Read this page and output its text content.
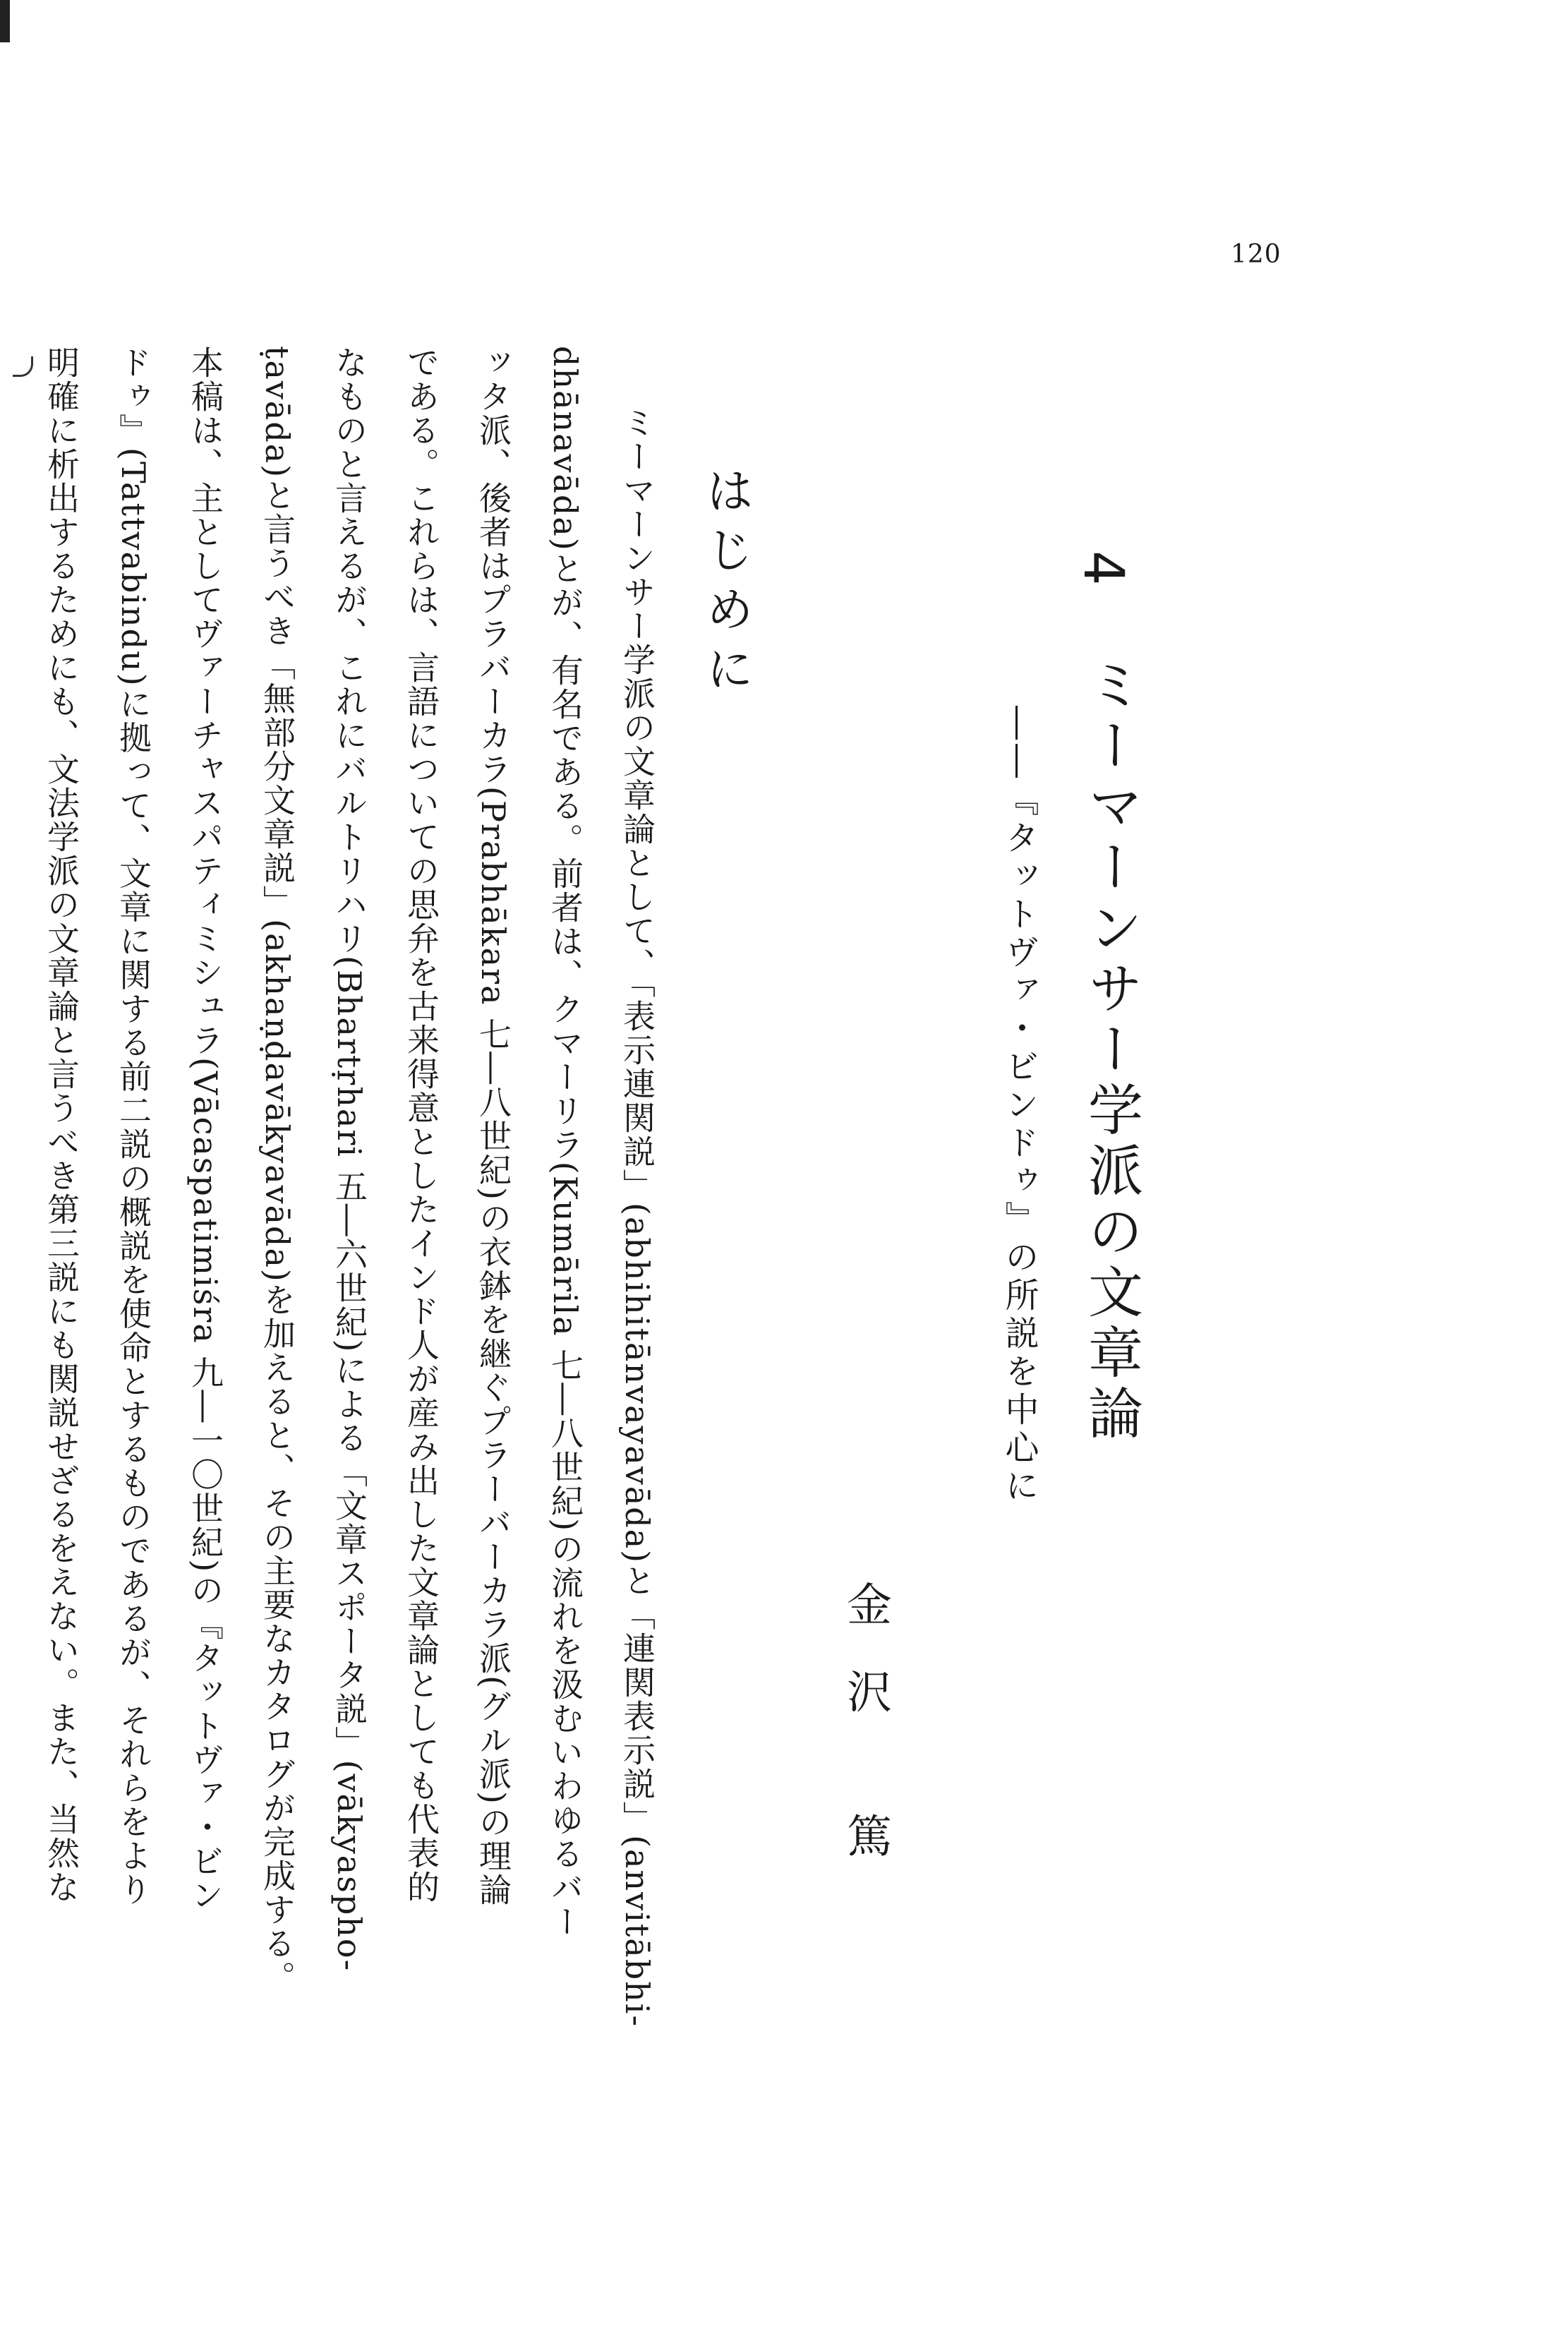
120
4
ミーマーンサー学派の文章論
――『タットヴァ・ビンドゥ』の所説を中心に
金沢 篤
はじめに
ミーマーンサー学派の文章論として、「表示連関説」(abhihitānvayavāda)と「連関表示説」(anvitābhi-
dhānavāda)とが、有名である。前者は、クマーリラ(Kumārila 七―八世紀)の流れを汲むいわゆるバー
ッタ派、後者はプラバーカラ(Prabhākara 七―八世紀)の衣鉢を継ぐプラーバーカラ派(グル派)の理論
である。これらは、言語についての思弁を古来得意としたインド人が産み出した文章論としても代表的
なものと言えるが、これにバルトリハリ(Bhartṛhari 五―六世紀)による「文章スポータ説」(vākyaspho-
ṭavāda)と言うべき「無部分文章説」(akhaṇḍavākyavāda)を加えると、その主要なカタログが完成する。
本稿は、主としてヴァーチャスパティミシュラ(Vācaspatimiśra 九―一〇世紀)の『タットヴァ・ビン
ドゥ』(Tattvabindu)に拠って、文章に関する前二説の概説を使命とするものであるが、それらをより
明確に析出するためにも、文法学派の文章論と言うべき第三説にも関説せざるをえない。また、当然な
